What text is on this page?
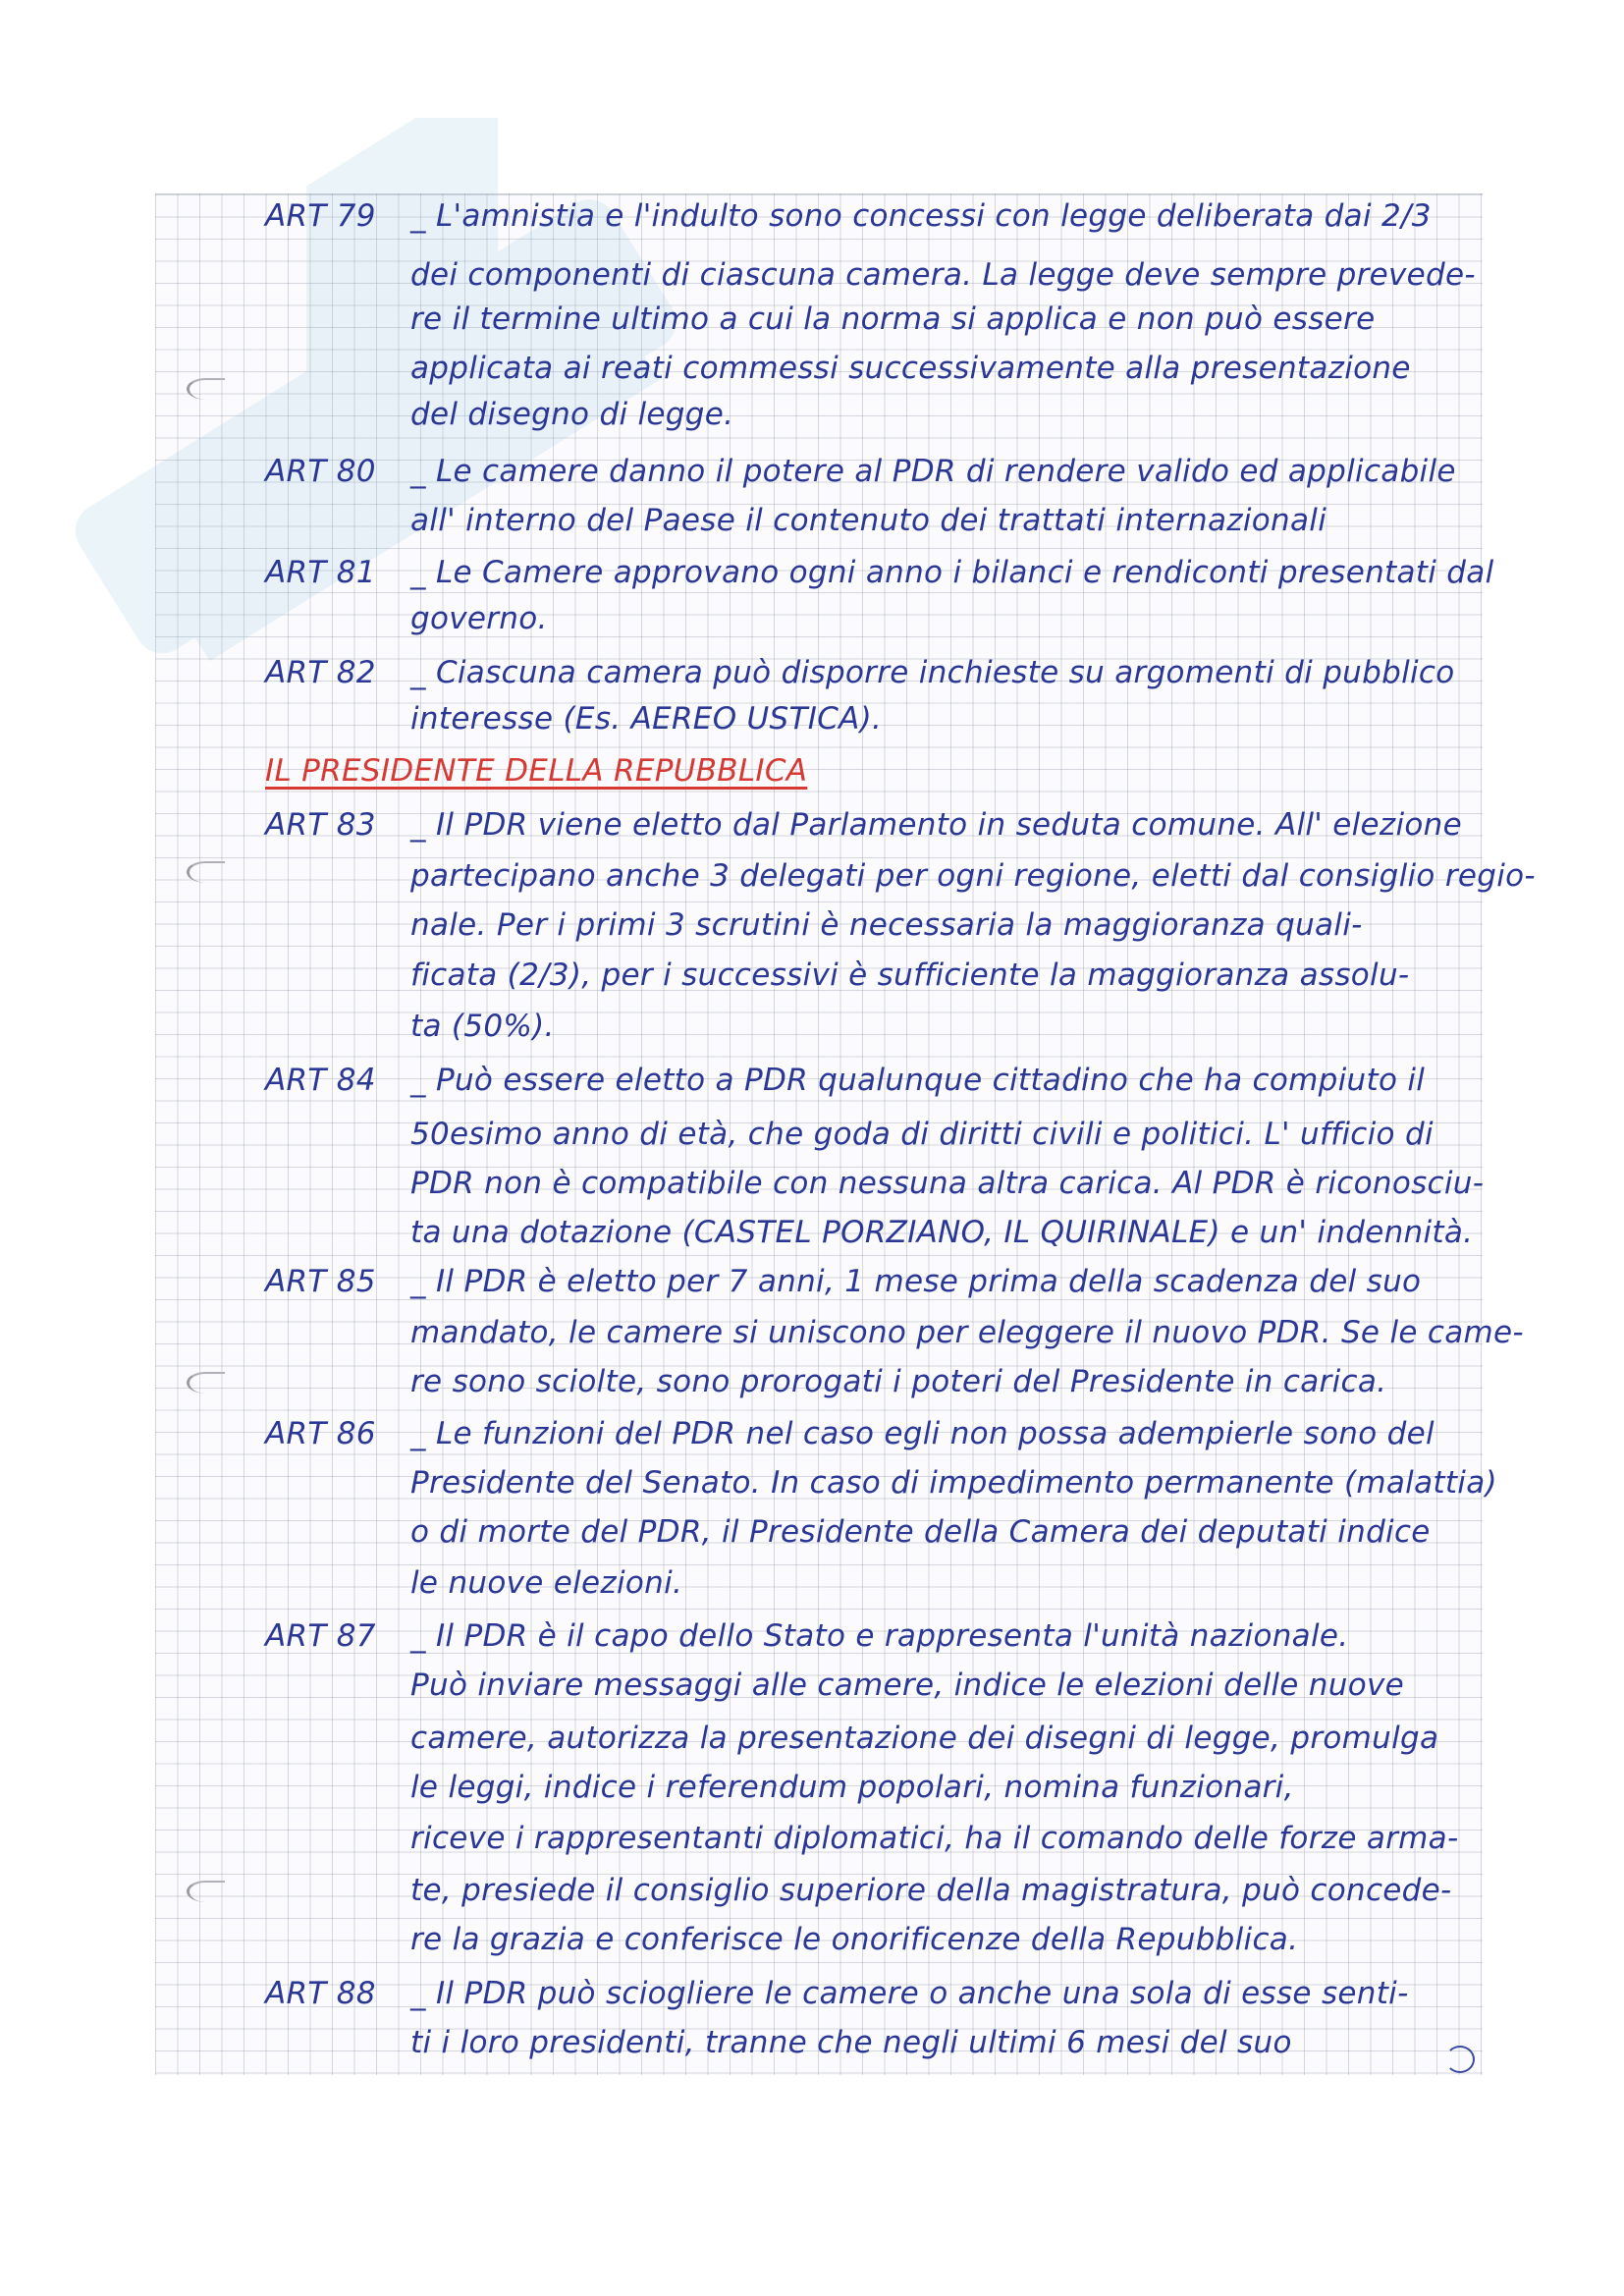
ART 79 _ L'amnistia e l'indulto sono concessi con legge deliberata dai 2/3
dei componenti di ciascuna camera. La legge deve sempre prevede-
re il termine ultimo a cui la norma si applica e non può essere
applicata ai reati commessi successivamente alla presentazione
del disegno di legge.
ART 80 _ Le camere danno il potere al PDR di rendere valido ed applicabile
all' interno del Paese il contenuto dei trattati internazionali
ART 81 _ Le Camere approvano ogni anno i bilanci e rendiconti presentati dal
governo.
ART 82 _ Ciascuna camera può disporre inchieste su argomenti di pubblico
interesse (Es. AEREO USTICA).
IL PRESIDENTE DELLA REPUBBLICA
ART 83 _ Il PDR viene eletto dal Parlamento in seduta comune. All' elezione
partecipano anche 3 delegati per ogni regione, eletti dal consiglio regio-
nale. Per i primi 3 scrutini è necessaria la maggioranza quali-
ficata (2/3), per i successivi è sufficiente la maggioranza assolu-
ta (50%).
ART 84 _ Può essere eletto a PDR qualunque cittadino che ha compiuto il
50esimo anno di età, che goda di diritti civili e politici. L' ufficio di
PDR non è compatibile con nessuna altra carica. Al PDR è riconosciu-
ta una dotazione (CASTEL PORZIANO, IL QUIRINALE) e un' indennità.
ART 85 _ Il PDR è eletto per 7 anni, 1 mese prima della scadenza del suo
mandato, le camere si uniscono per eleggere il nuovo PDR. Se le came-
re sono sciolte, sono prorogati i poteri del Presidente in carica.
ART 86 _ Le funzioni del PDR nel caso egli non possa adempierle sono del
Presidente del Senato. In caso di impedimento permanente (malattia)
o di morte del PDR, il Presidente della Camera dei deputati indice
le nuove elezioni.
ART 87 _ Il PDR è il capo dello Stato e rappresenta l'unità nazionale.
Può inviare messaggi alle camere, indice le elezioni delle nuove
camere, autorizza la presentazione dei disegni di legge, promulga
le leggi, indice i referendum popolari, nomina funzionari,
riceve i rappresentanti diplomatici, ha il comando delle forze arma-
te, presiede il consiglio superiore della magistratura, può concede-
re la grazia e conferisce le onorificenze della Repubblica.
ART 88 _ Il PDR può sciogliere le camere o anche una sola di esse senti-
ti i loro presidenti, tranne che negli ultimi 6 mesi del suo
